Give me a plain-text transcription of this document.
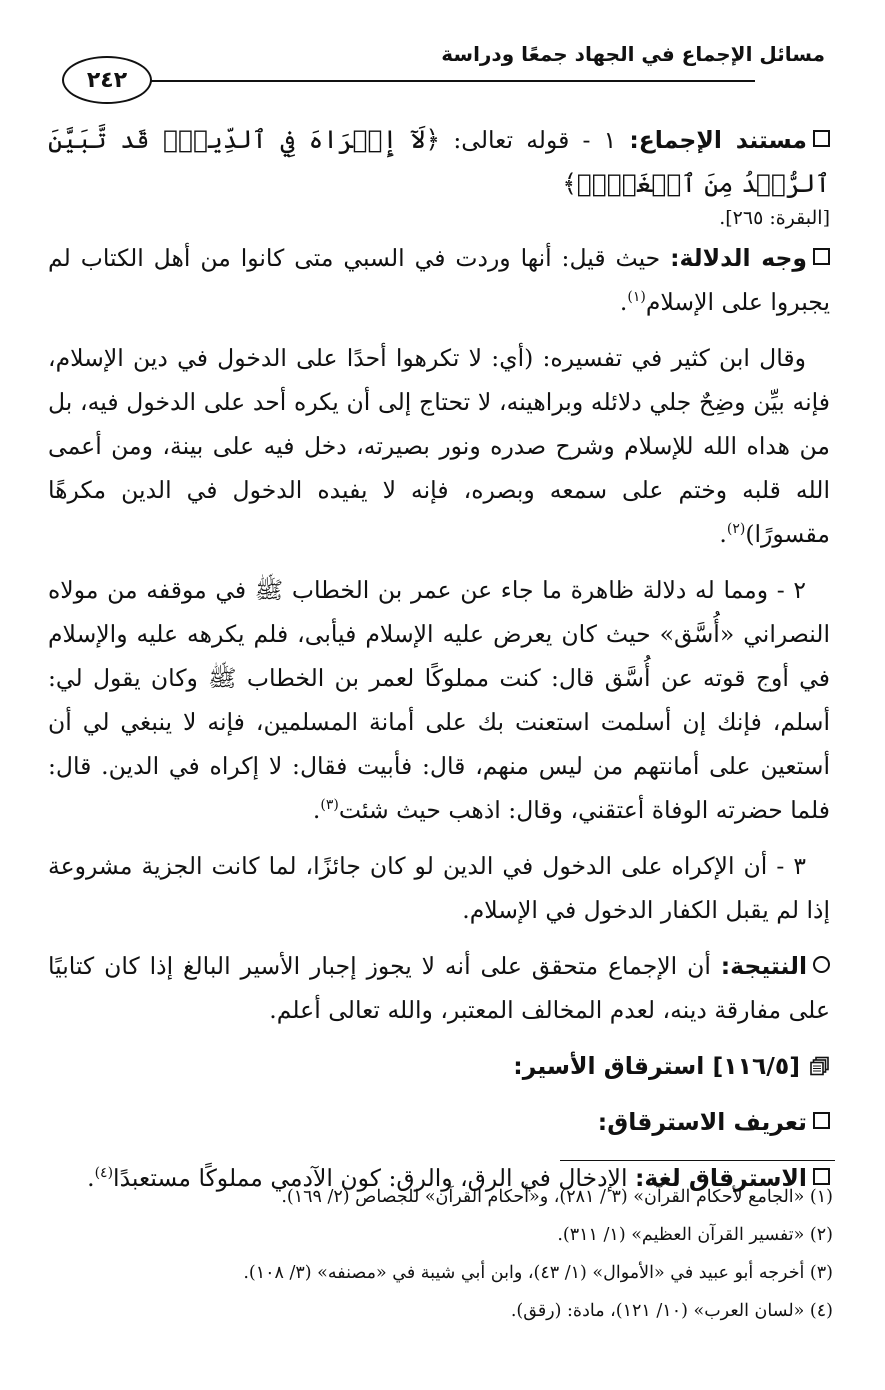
مسائل الإجماع في الجهاد جمعًا ودراسة
٢٤٢

مستند الإجماع: ١ - قوله تعالى: ﴿لَآ إِكۡرَاهَ فِي ٱلدِّينِۖ قَد تَّبَيَّنَ ٱلرُّشۡدُ مِنَ ٱلۡغَيِّۚ﴾
[البقرة: ٢٦٥].

وجه الدلالة: حيث قيل: أنها وردت في السبي متى كانوا من أهل الكتاب لم يجبروا على الإسلام$^{(١)}$.

وقال ابن كثير في تفسيره: (أي: لا تكرهوا أحدًا على الدخول في دين الإسلام، فإنه بيِّن وضِحٌ جلي دلائله وبراهينه، لا تحتاج إلى أن يكره أحد على الدخول فيه، بل من هداه الله للإسلام وشرح صدره ونور بصيرته، دخل فيه على بينة، ومن أعمى الله قلبه وختم على سمعه وبصره، فإنه لا يفيده الدخول في الدين مكرهًا مقسورًا)$^{(٢)}$.

٢ - ومما له دلالة ظاهرة ما جاء عن عمر بن الخطاب ﷺ في موقفه من مولاه النصراني «أُسَّق» حيث كان يعرض عليه الإسلام فيأبى، فلم يكرهه عليه والإسلام في أوج قوته عن أُسَّق قال: كنت مملوكًا لعمر بن الخطاب ﷺ وكان يقول لي: أسلم، فإنك إن أسلمت استعنت بك على أمانة المسلمين، فإنه لا ينبغي لي أن أستعين على أمانتهم من ليس منهم، قال: فأبيت فقال: لا إكراه في الدين. قال: فلما حضرته الوفاة أعتقني، وقال: اذهب حيث شئت$^{(٣)}$.

٣ - أن الإكراه على الدخول في الدين لو كان جائزًا، لما كانت الجزية مشروعة إذا لم يقبل الكفار الدخول في الإسلام.

النتيجة: أن الإجماع متحقق على أنه لا يجوز إجبار الأسير البالغ إذا كان كتابيًا على مفارقة دينه، لعدم المخالف المعتبر، والله تعالى أعلم.

[١١٦/٥] استرقاق الأسير:

تعريف الاسترقاق:

الاسترقاق لغة: الإدخال في الرق، والرق: كون الآدمي مملوكًا مستعبدًا$^{(٤)}$.

(١) «الجامع لأحكام القرآن» (٣ / ٢٨١)، و«أحكام القرآن» للجصاص (٢/ ١٦٩).
(٢) «تفسير القرآن العظيم» (١/ ٣١١).
(٣) أخرجه أبو عبيد في «الأموال» (١/ ٤٣)، وابن أبي شيبة في «مصنفه» (٣/ ١٠٨).
(٤) «لسان العرب» (١٠/ ١٢١)، مادة: (رقق).
